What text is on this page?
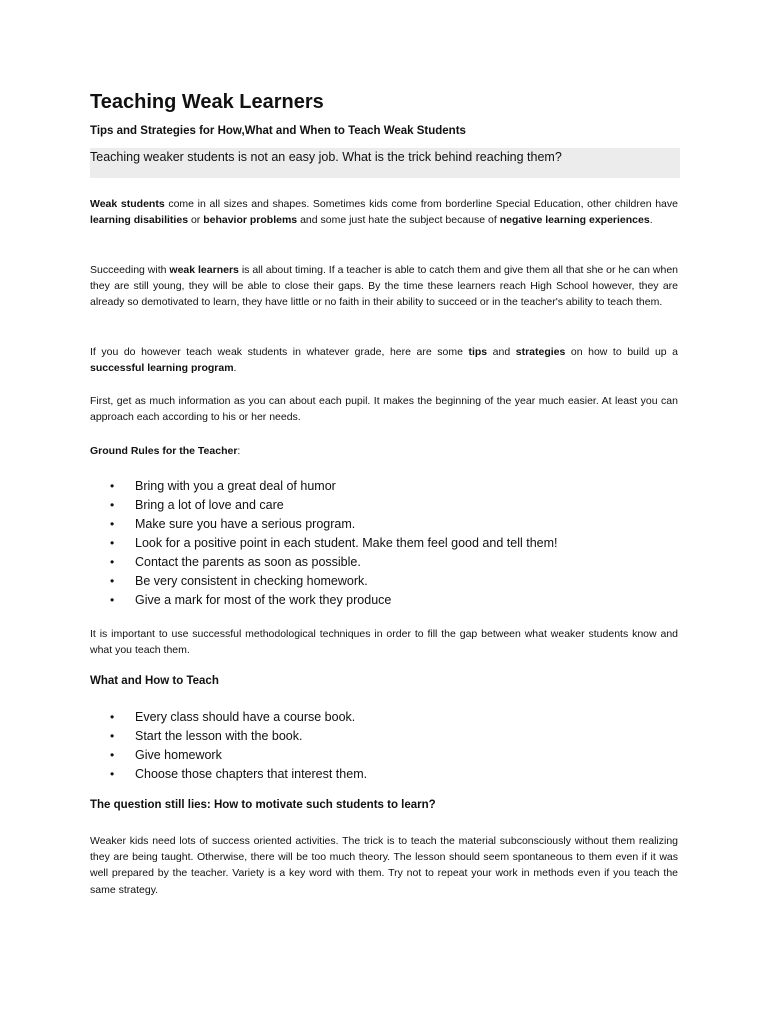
Teaching Weak Learners
Tips and Strategies for How,What and When to Teach Weak Students
Teaching weaker students is not an easy job. What is the trick behind reaching them?

Weak students come in all sizes and shapes. Sometimes kids come from borderline Special Education, other children have learning disabilities or behavior problems and some just hate the subject because of negative learning experiences.

Succeeding with weak learners is all about timing. If a teacher is able to catch them and give them all that she or he can when they are still young, they will be able to close their gaps. By the time these learners reach High School however, they are already so demotivated to learn, they have little or no faith in their ability to succeed or in the teacher's ability to teach them.

If you do however teach weak students in whatever grade, here are some tips and strategies on how to build up a successful learning program.

First, get as much information as you can about each pupil. It makes the beginning of the year much easier. At least you can approach each according to his or her needs.

Ground Rules for the Teacher:
• Bring with you a great deal of humor
• Bring a lot of love and care
• Make sure you have a serious program.
• Look for a positive point in each student. Make them feel good and tell them!
• Contact the parents as soon as possible.
• Be very consistent in checking homework.
• Give a mark for most of the work they produce

It is important to use successful methodological techniques in order to fill the gap between what weaker students know and what you teach them.

What and How to Teach
• Every class should have a course book.
• Start the lesson with the book.
• Give homework
• Choose those chapters that interest them.
The question still lies: How to motivate such students to learn?

Weaker kids need lots of success oriented activities. The trick is to teach the material subconsciously without them realizing they are being taught. Otherwise, there will be too much theory. The lesson should seem spontaneous to them even if it was well prepared by the teacher. Variety is a key word with them. Try not to repeat your work in methods even if you teach the same strategy.
